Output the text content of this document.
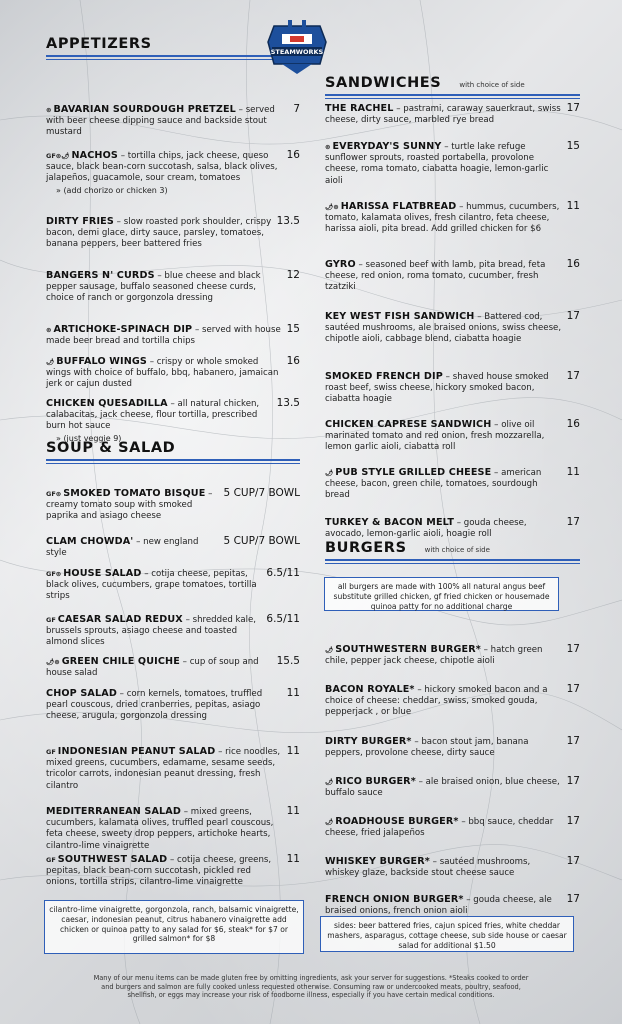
STEAMWORKS
APPETIZERS
⊛ BAVARIAN SOURDOUGH PRETZEL – served with beer cheese dipping sauce and backside stout mustard
7
GF⊛🌶 NACHOS – tortilla chips, jack cheese, queso sauce, black bean-corn succotash, salsa, black olives, jalapeños, guacamole, sour cream, tomatoes
» (add chorizo or chicken 3)
16
DIRTY FRIES – slow roasted pork shoulder, crispy bacon, demi glace, dirty sauce, parsley, tomatoes, banana peppers, beer battered fries
13.5
BANGERS N' CURDS – blue cheese and black pepper sausage, buffalo seasoned cheese curds, choice of ranch or gorgonzola dressing
12
⊛ ARTICHOKE-SPINACH DIP – served with house made beer bread and tortilla chips
15
🌶 BUFFALO WINGS – crispy or whole smoked wings with choice of buffalo, bbq, habanero, jamaican jerk or cajun dusted
16
CHICKEN QUESADILLA – all natural chicken, calabacitas, jack cheese, flour tortilla, prescribed burn hot sauce
» (just veggie 9)
13.5
SOUP & SALAD
GF⊛ SMOKED TOMATO BISQUE – creamy tomato soup with smoked paprika and asiago cheese
5 CUP/7 BOWL
CLAM CHOWDA' – new england style
5 CUP/7 BOWL
GF⊛ HOUSE SALAD – cotija cheese, pepitas, black olives, cucumbers, grape tomatoes, tortilla strips
6.5/11
GF CAESAR SALAD REDUX – shredded kale, brussels sprouts, asiago cheese and toasted almond slices
6.5/11
🌶⊛ GREEN CHILE QUICHE – cup of soup and house salad
15.5
CHOP SALAD – corn kernels, tomatoes, truffled pearl couscous, dried cranberries, pepitas, asiago cheese, arugula, gorgonzola dressing
11
GF INDONESIAN PEANUT SALAD – rice noodles, mixed greens, cucumbers, edamame, sesame seeds, tricolor carrots, indonesian peanut dressing, fresh cilantro
11
MEDITERRANEAN SALAD – mixed greens, cucumbers, kalamata olives, truffled pearl couscous, feta cheese, sweety drop peppers, artichoke hearts, cilantro-lime vinaigrette
11
GF SOUTHWEST SALAD – cotija cheese, greens, pepitas, black bean-corn succotash, pickled red onions, tortilla strips, cilantro-lime vinaigrette
11
cilantro-lime vinaigrette, gorgonzola, ranch, balsamic vinaigrette, caesar, indonesian peanut, citrus habanero vinaigrette add chicken or quinoa patty to any salad for $6, steak* for $7 or grilled salmon* for $8
SANDWICHES	with choice of side
THE RACHEL – pastrami, caraway sauerkraut, swiss cheese, dirty sauce, marbled rye bread
17
⊛ EVERYDAY'S SUNNY – turtle lake refuge sunflower sprouts, roasted portabella, provolone cheese, roma tomato, ciabatta hoagie, lemon-garlic aioli
15
🌶⊛ HARISSA FLATBREAD – hummus, cucumbers, tomato, kalamata olives, fresh cilantro, feta cheese, harissa aioli, pita bread. Add grilled chicken for $6
11
GYRO – seasoned beef with lamb, pita bread, feta cheese, red onion, roma tomato, cucumber, fresh tzatziki
16
KEY WEST FISH SANDWICH – Battered cod, sautéed mushrooms, ale braised onions, swiss cheese, chipotle aioli, cabbage blend, ciabatta hoagie
17
SMOKED FRENCH DIP – shaved house smoked roast beef, swiss cheese, hickory smoked bacon, ciabatta hoagie
17
CHICKEN CAPRESE SANDWICH – olive oil marinated tomato and red onion, fresh mozzarella, lemon garlic aioli, ciabatta roll
16
🌶 PUB STYLE GRILLED CHEESE – american cheese, bacon, green chile, tomatoes, sourdough bread
11
TURKEY & BACON MELT – gouda cheese, avocado, lemon-garlic aioli, hoagie roll
17
BURGERS	with choice of side
🌶 SOUTHWESTERN BURGER* – hatch green chile, pepper jack cheese, chipotle aioli
17
BACON ROYALE* – hickory smoked bacon and a choice of cheese: cheddar, swiss, smoked gouda, pepperjack , or blue
17
DIRTY BURGER* – bacon stout jam, banana peppers, provolone cheese, dirty sauce
17
🌶 RICO BURGER* – ale braised onion, blue cheese, buffalo sauce
17
🌶 ROADHOUSE BURGER* – bbq sauce, cheddar cheese, fried jalapeños
17
WHISKEY BURGER* – sautéed mushrooms, whiskey glaze, backside stout cheese sauce
17
FRENCH ONION BURGER* – gouda cheese, ale braised onions, french onion aioli
17
all burgers are made with 100% all natural angus beef substitute grilled chicken, gf fried chicken or housemade quinoa patty for no additional charge
sides: beer battered fries, cajun spiced fries, white cheddar mashers, asparagus, cottage cheese, sub side house or caesar salad for additional $1.50
Many of our menu items can be made gluten free by omitting ingredients, ask your server for suggestions. *Steaks cooked to order and burgers and salmon are fully cooked unless requested otherwise. Consuming raw or undercooked meats, poultry, seafood, shellfish, or eggs may increase your risk of foodborne illness, especially if you have certain medical conditions.
